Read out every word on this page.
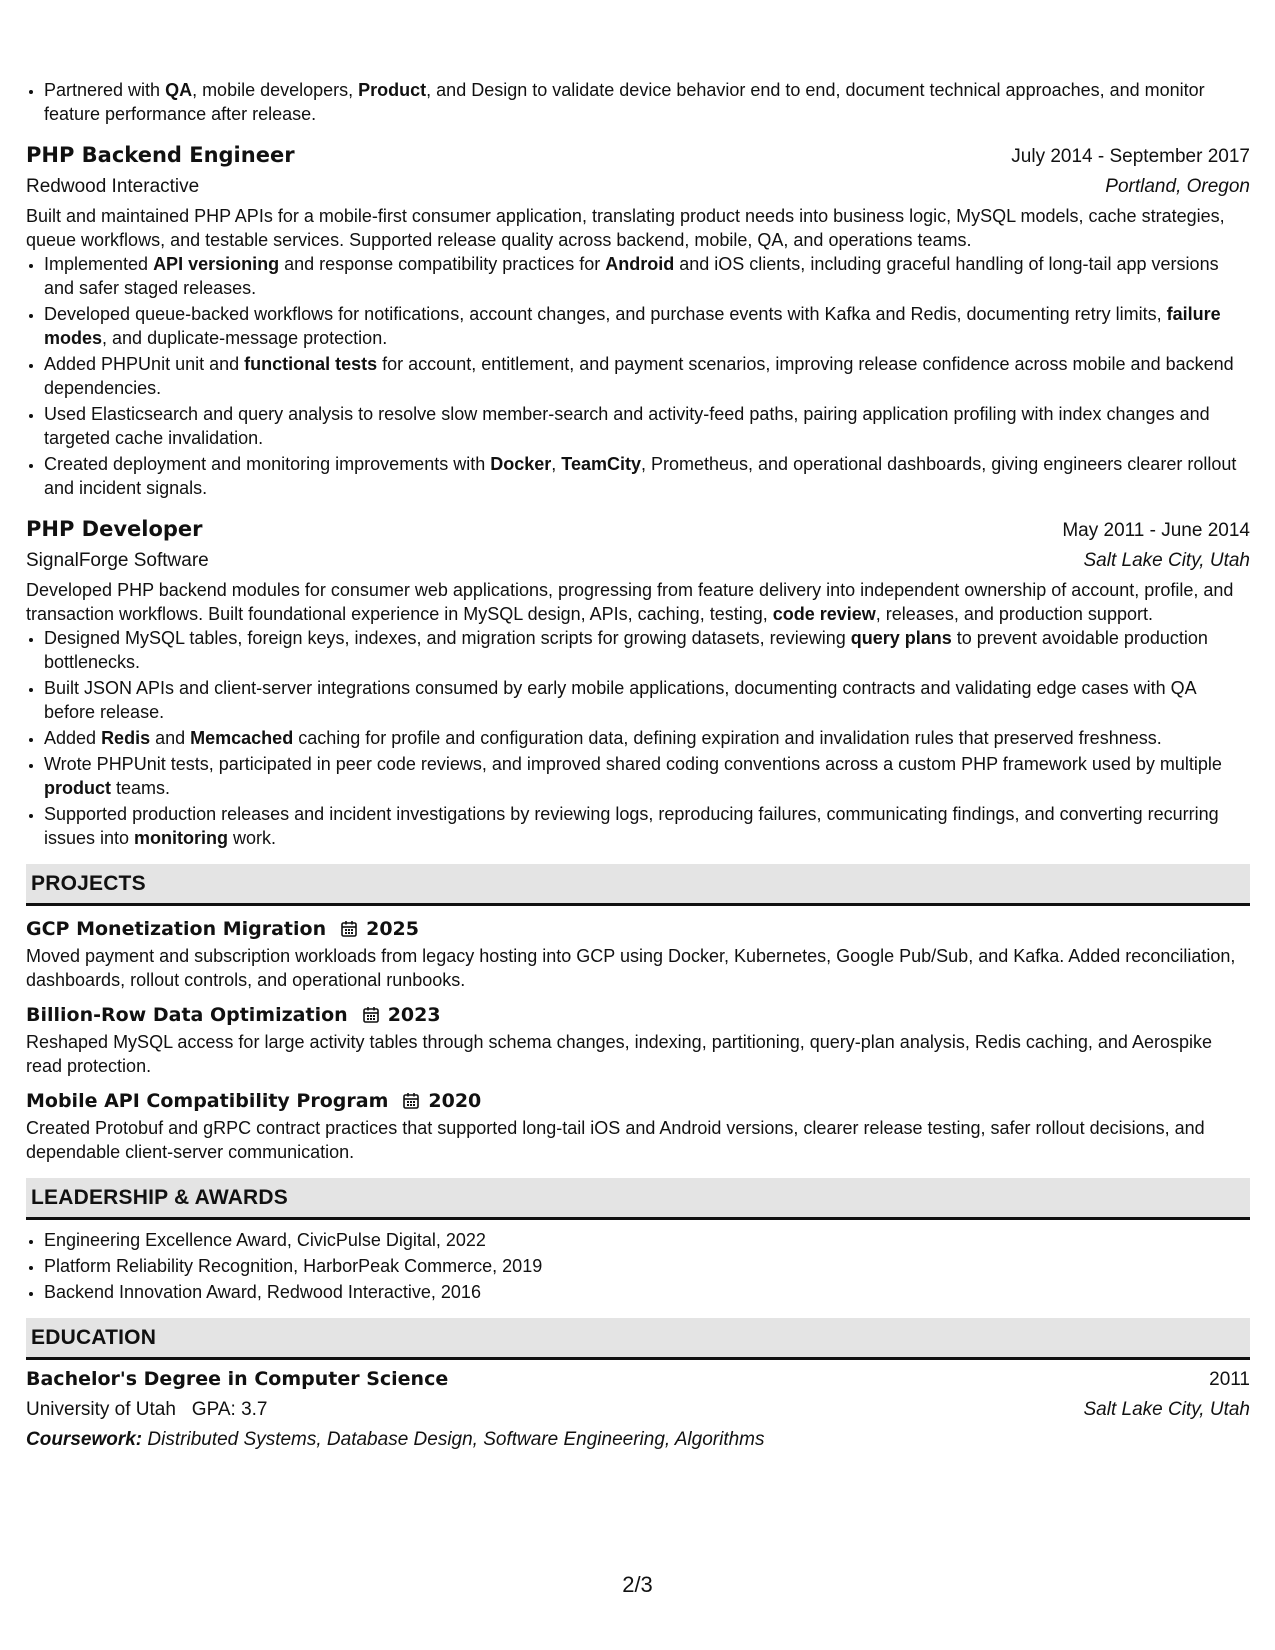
• Partnered with QA, mobile developers, Product, and Design to validate device behavior end to end, document technical approaches, and monitor feature performance after release.
PHP Backend Engineer	July 2014 - September 2017
Redwood Interactive	Portland, Oregon
Built and maintained PHP APIs for a mobile-first consumer application, translating product needs into business logic, MySQL models, cache strategies, queue workflows, and testable services. Supported release quality across backend, mobile, QA, and operations teams.
• Implemented API versioning and response compatibility practices for Android and iOS clients, including graceful handling of long-tail app versions and safer staged releases.
• Developed queue-backed workflows for notifications, account changes, and purchase events with Kafka and Redis, documenting retry limits, failure modes, and duplicate-message protection.
• Added PHPUnit unit and functional tests for account, entitlement, and payment scenarios, improving release confidence across mobile and backend dependencies.
• Used Elasticsearch and query analysis to resolve slow member-search and activity-feed paths, pairing application profiling with index changes and targeted cache invalidation.
• Created deployment and monitoring improvements with Docker, TeamCity, Prometheus, and operational dashboards, giving engineers clearer rollout and incident signals.
PHP Developer	May 2011 - June 2014
SignalForge Software	Salt Lake City, Utah
Developed PHP backend modules for consumer web applications, progressing from feature delivery into independent ownership of account, profile, and transaction workflows. Built foundational experience in MySQL design, APIs, caching, testing, code review, releases, and production support.
• Designed MySQL tables, foreign keys, indexes, and migration scripts for growing datasets, reviewing query plans to prevent avoidable production bottlenecks.
• Built JSON APIs and client-server integrations consumed by early mobile applications, documenting contracts and validating edge cases with QA before release.
• Added Redis and Memcached caching for profile and configuration data, defining expiration and invalidation rules that preserved freshness.
• Wrote PHPUnit tests, participated in peer code reviews, and improved shared coding conventions across a custom PHP framework used by multiple product teams.
• Supported production releases and incident investigations by reviewing logs, reproducing failures, communicating findings, and converting recurring issues into monitoring work.
PROJECTS
GCP Monetization Migration 2025
Moved payment and subscription workloads from legacy hosting into GCP using Docker, Kubernetes, Google Pub/Sub, and Kafka. Added reconciliation, dashboards, rollout controls, and operational runbooks.
Billion-Row Data Optimization 2023
Reshaped MySQL access for large activity tables through schema changes, indexing, partitioning, query-plan analysis, Redis caching, and Aerospike read protection.
Mobile API Compatibility Program 2020
Created Protobuf and gRPC contract practices that supported long-tail iOS and Android versions, clearer release testing, safer rollout decisions, and dependable client-server communication.
LEADERSHIP & AWARDS
• Engineering Excellence Award, CivicPulse Digital, 2022
• Platform Reliability Recognition, HarborPeak Commerce, 2019
• Backend Innovation Award, Redwood Interactive, 2016
EDUCATION
Bachelor's Degree in Computer Science	2011
University of Utah GPA: 3.7	Salt Lake City, Utah
Coursework: Distributed Systems, Database Design, Software Engineering, Algorithms
2/3
